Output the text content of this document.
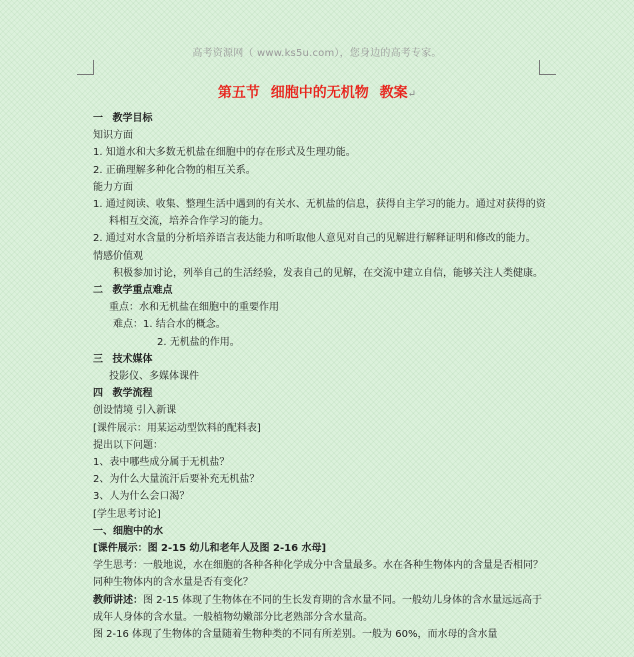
高考资源网（ www.ks5u.com），您身边的高考专家。
第五节 细胞中的无机物 教案↵
一 教学目标
知识方面
1. 知道水和大多数无机盐在细胞中的存在形式及生理功能。
2. 正确理解多种化合物的相互关系。
能力方面
1. 通过阅读、收集、整理生活中遇到的有关水、无机盐的信息，获得自主学习的能力。通过对获得的资料相互交流，培养合作学习的能力。
2. 通过对水含量的分析培养语言表达能力和听取他人意见对自己的见解进行解释证明和修改的能力。
情感价值观
积极参加讨论，列举自己的生活经验，发表自己的见解，在交流中建立自信，能够关注人类健康。
二 教学重点难点
重点：水和无机盐在细胞中的重要作用
难点：1. 结合水的概念。
2. 无机盐的作用。
三 技术媒体
投影仪、多媒体课件
四 教学流程
创设情境 引入新课
[课件展示：用某运动型饮料的配料表]
提出以下问题：
1、表中哪些成分属于无机盐？
2、为什么大量流汗后要补充无机盐？
3、人为什么会口渴？
[学生思考讨论]
一、细胞中的水
[课件展示：图 2-15 幼儿和老年人及图 2-16 水母]
学生思考：一般地说，水在细胞的各种各种化学成分中含量最多。水在各种生物体内的含量是否相同？同种生物体内的含水量是否有变化？
教师讲述：图 2-15 体现了生物体在不同的生长发育期的含水量不同。一般幼儿身体的含水量远远高于成年人身体的含水量。一般植物幼嫩部分比老熟部分含水量高。
图 2-16 体现了生物体的含量随着生物种类的不同有所差别。一般为 60%，而水母的含水量
